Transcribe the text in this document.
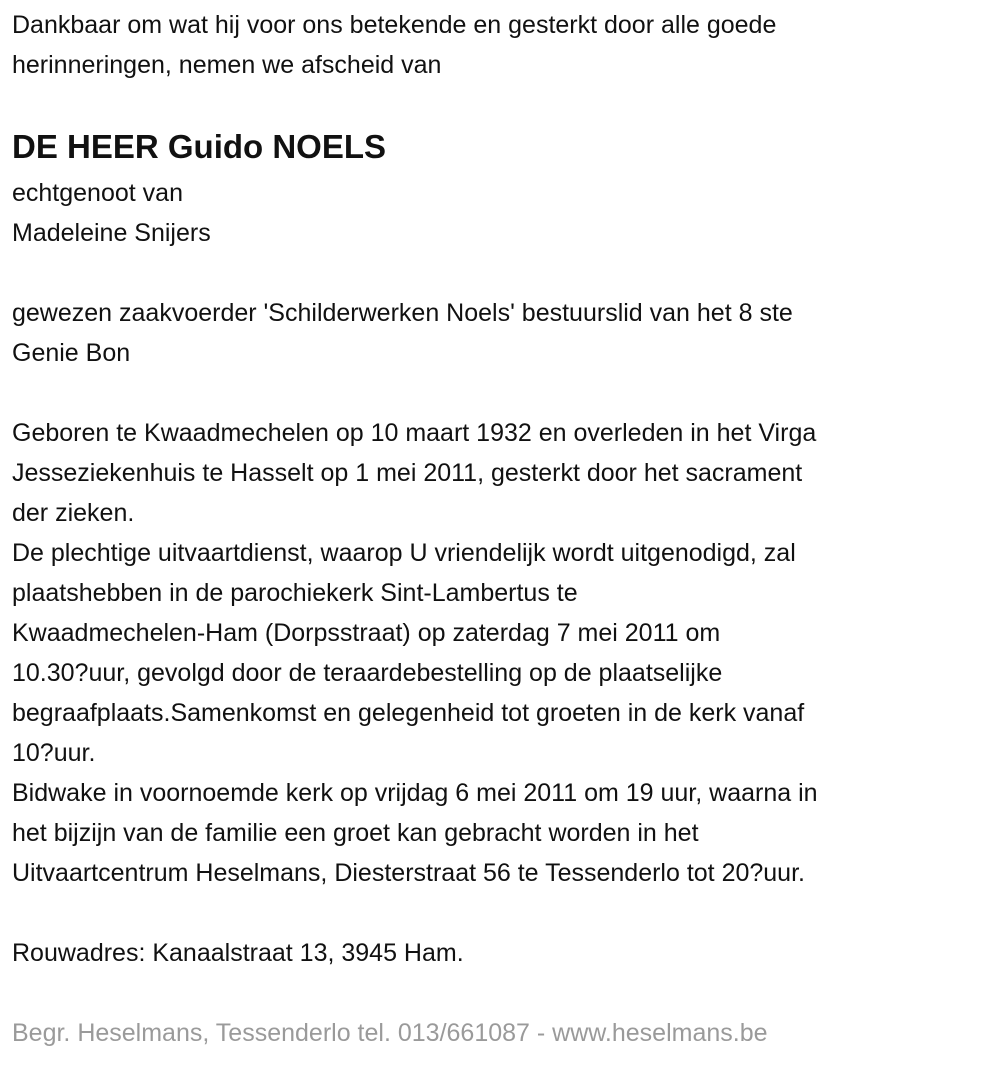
Dankbaar om wat hij voor ons betekende en gesterkt door alle goede
herinneringen, nemen we afscheid van
DE HEER Guido NOELS
echtgenoot van
Madeleine Snijers
gewezen zaakvoerder 'Schilderwerken Noels' bestuurslid van het 8 ste
Genie Bon
Geboren te Kwaadmechelen op 10 maart 1932 en overleden in het Virga
Jesseziekenhuis te Hasselt op 1 mei 2011, gesterkt door het sacrament
der zieken.
De plechtige uitvaartdienst, waarop U vriendelijk wordt uitgenodigd, zal
plaatshebben in de parochiekerk Sint-Lambertus te
Kwaadmechelen-Ham (Dorpsstraat) op zaterdag 7 mei 2011 om
10.30?uur, gevolgd door de teraardebestelling op de plaatselijke
begraafplaats.Samenkomst en gelegenheid tot groeten in de kerk vanaf
10?uur.
Bidwake in voornoemde kerk op vrijdag 6 mei 2011 om 19 uur, waarna in
het bijzijn van de familie een groet kan gebracht worden in het
Uitvaartcentrum Heselmans, Diesterstraat 56 te Tessenderlo tot 20?uur.
Rouwadres: Kanaalstraat 13, 3945 Ham.
Begr. Heselmans, Tessenderlo tel. 013/661087 - www.heselmans.be
